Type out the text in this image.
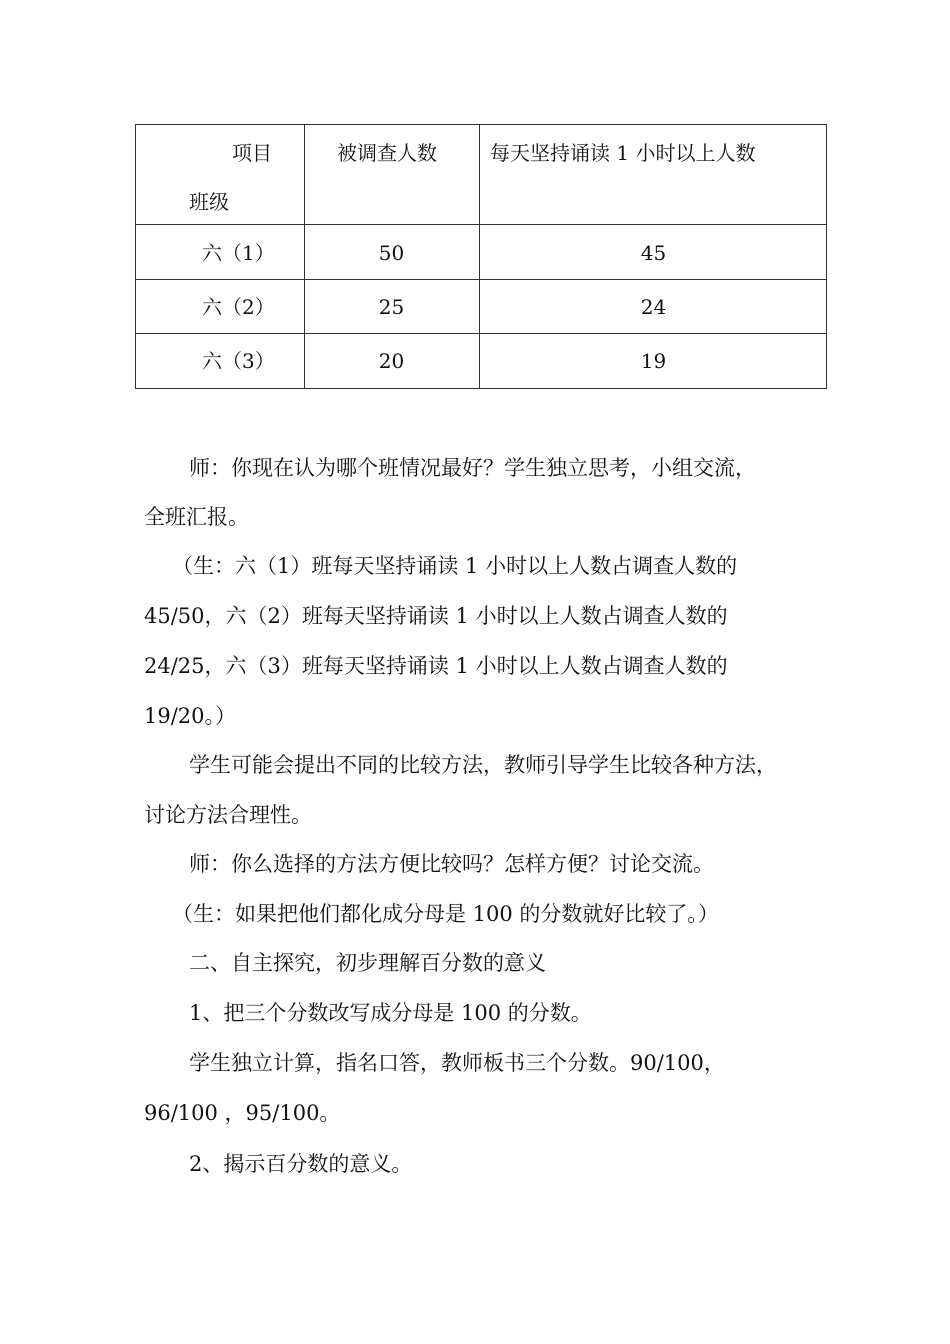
项目
班级
被调查人数	每天坚持诵读 1 小时以上人数
六（1）	50	45
六（2）	25	24
六（3）	20	19
师：你现在认为哪个班情况最好？学生独立思考，小组交流，
全班汇报。
（生：六（1）班每天坚持诵读 1 小时以上人数占调查人数的
45/50，六（2）班每天坚持诵读 1 小时以上人数占调查人数的
24/25，六（3）班每天坚持诵读 1 小时以上人数占调查人数的
19/20。）
学生可能会提出不同的比较方法，教师引导学生比较各种方法，
讨论方法合理性。
师：你么选择的方法方便比较吗？怎样方便？讨论交流。
（生：如果把他们都化成分母是 100 的分数就好比较了。）
二、自主探究，初步理解百分数的意义
1、把三个分数改写成分母是 100 的分数。
学生独立计算，指名口答，教师板书三个分数。90/100，
96/100 ，95/100。
2、揭示百分数的意义。
